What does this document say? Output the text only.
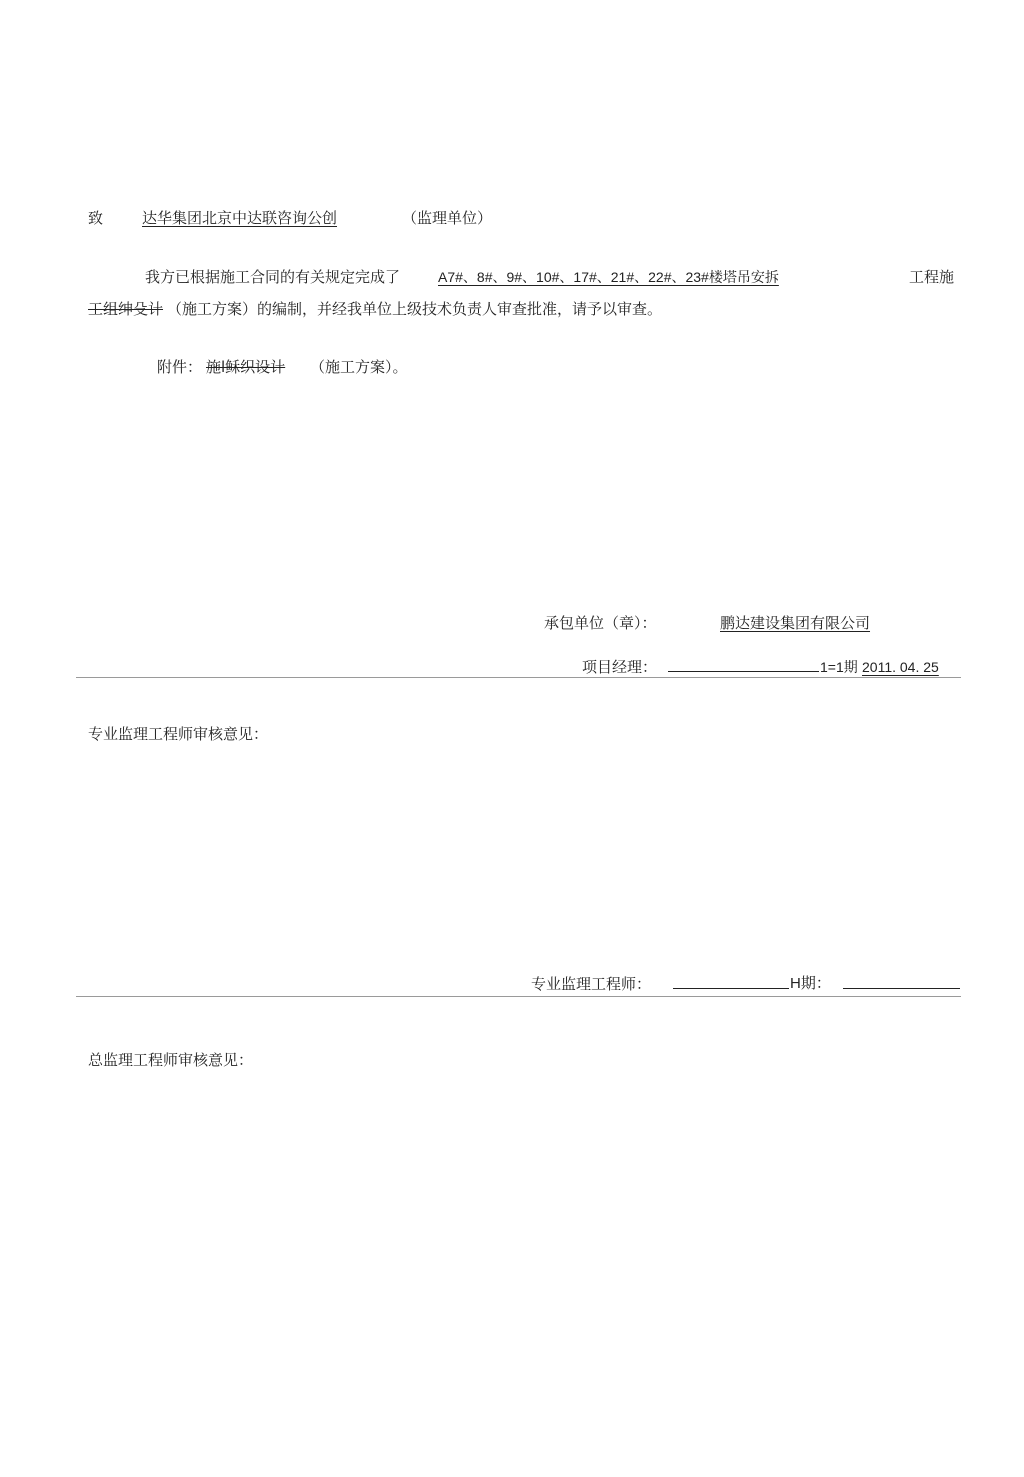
致	达华集团北京中达联咨询公创	（监理单位）
我方已根据施工合同的有关规定完成了	A7#、8#、9#、10#、17#、21#、22#、23#楼塔吊安拆	工程施
工组绅殳计 （施工方案）的编制，并经我单位上级技术负责人审查批准，请予以审查。
附件： 施l稣织设计 （施工方案）。
承包单位（章）：	鹏达建设集团有限公司
项目经理：	1=1期 2011. 04. 25
专业监理工程师审核意见：
专业监理工程师：	H期：
总监理工程师审核意见：
